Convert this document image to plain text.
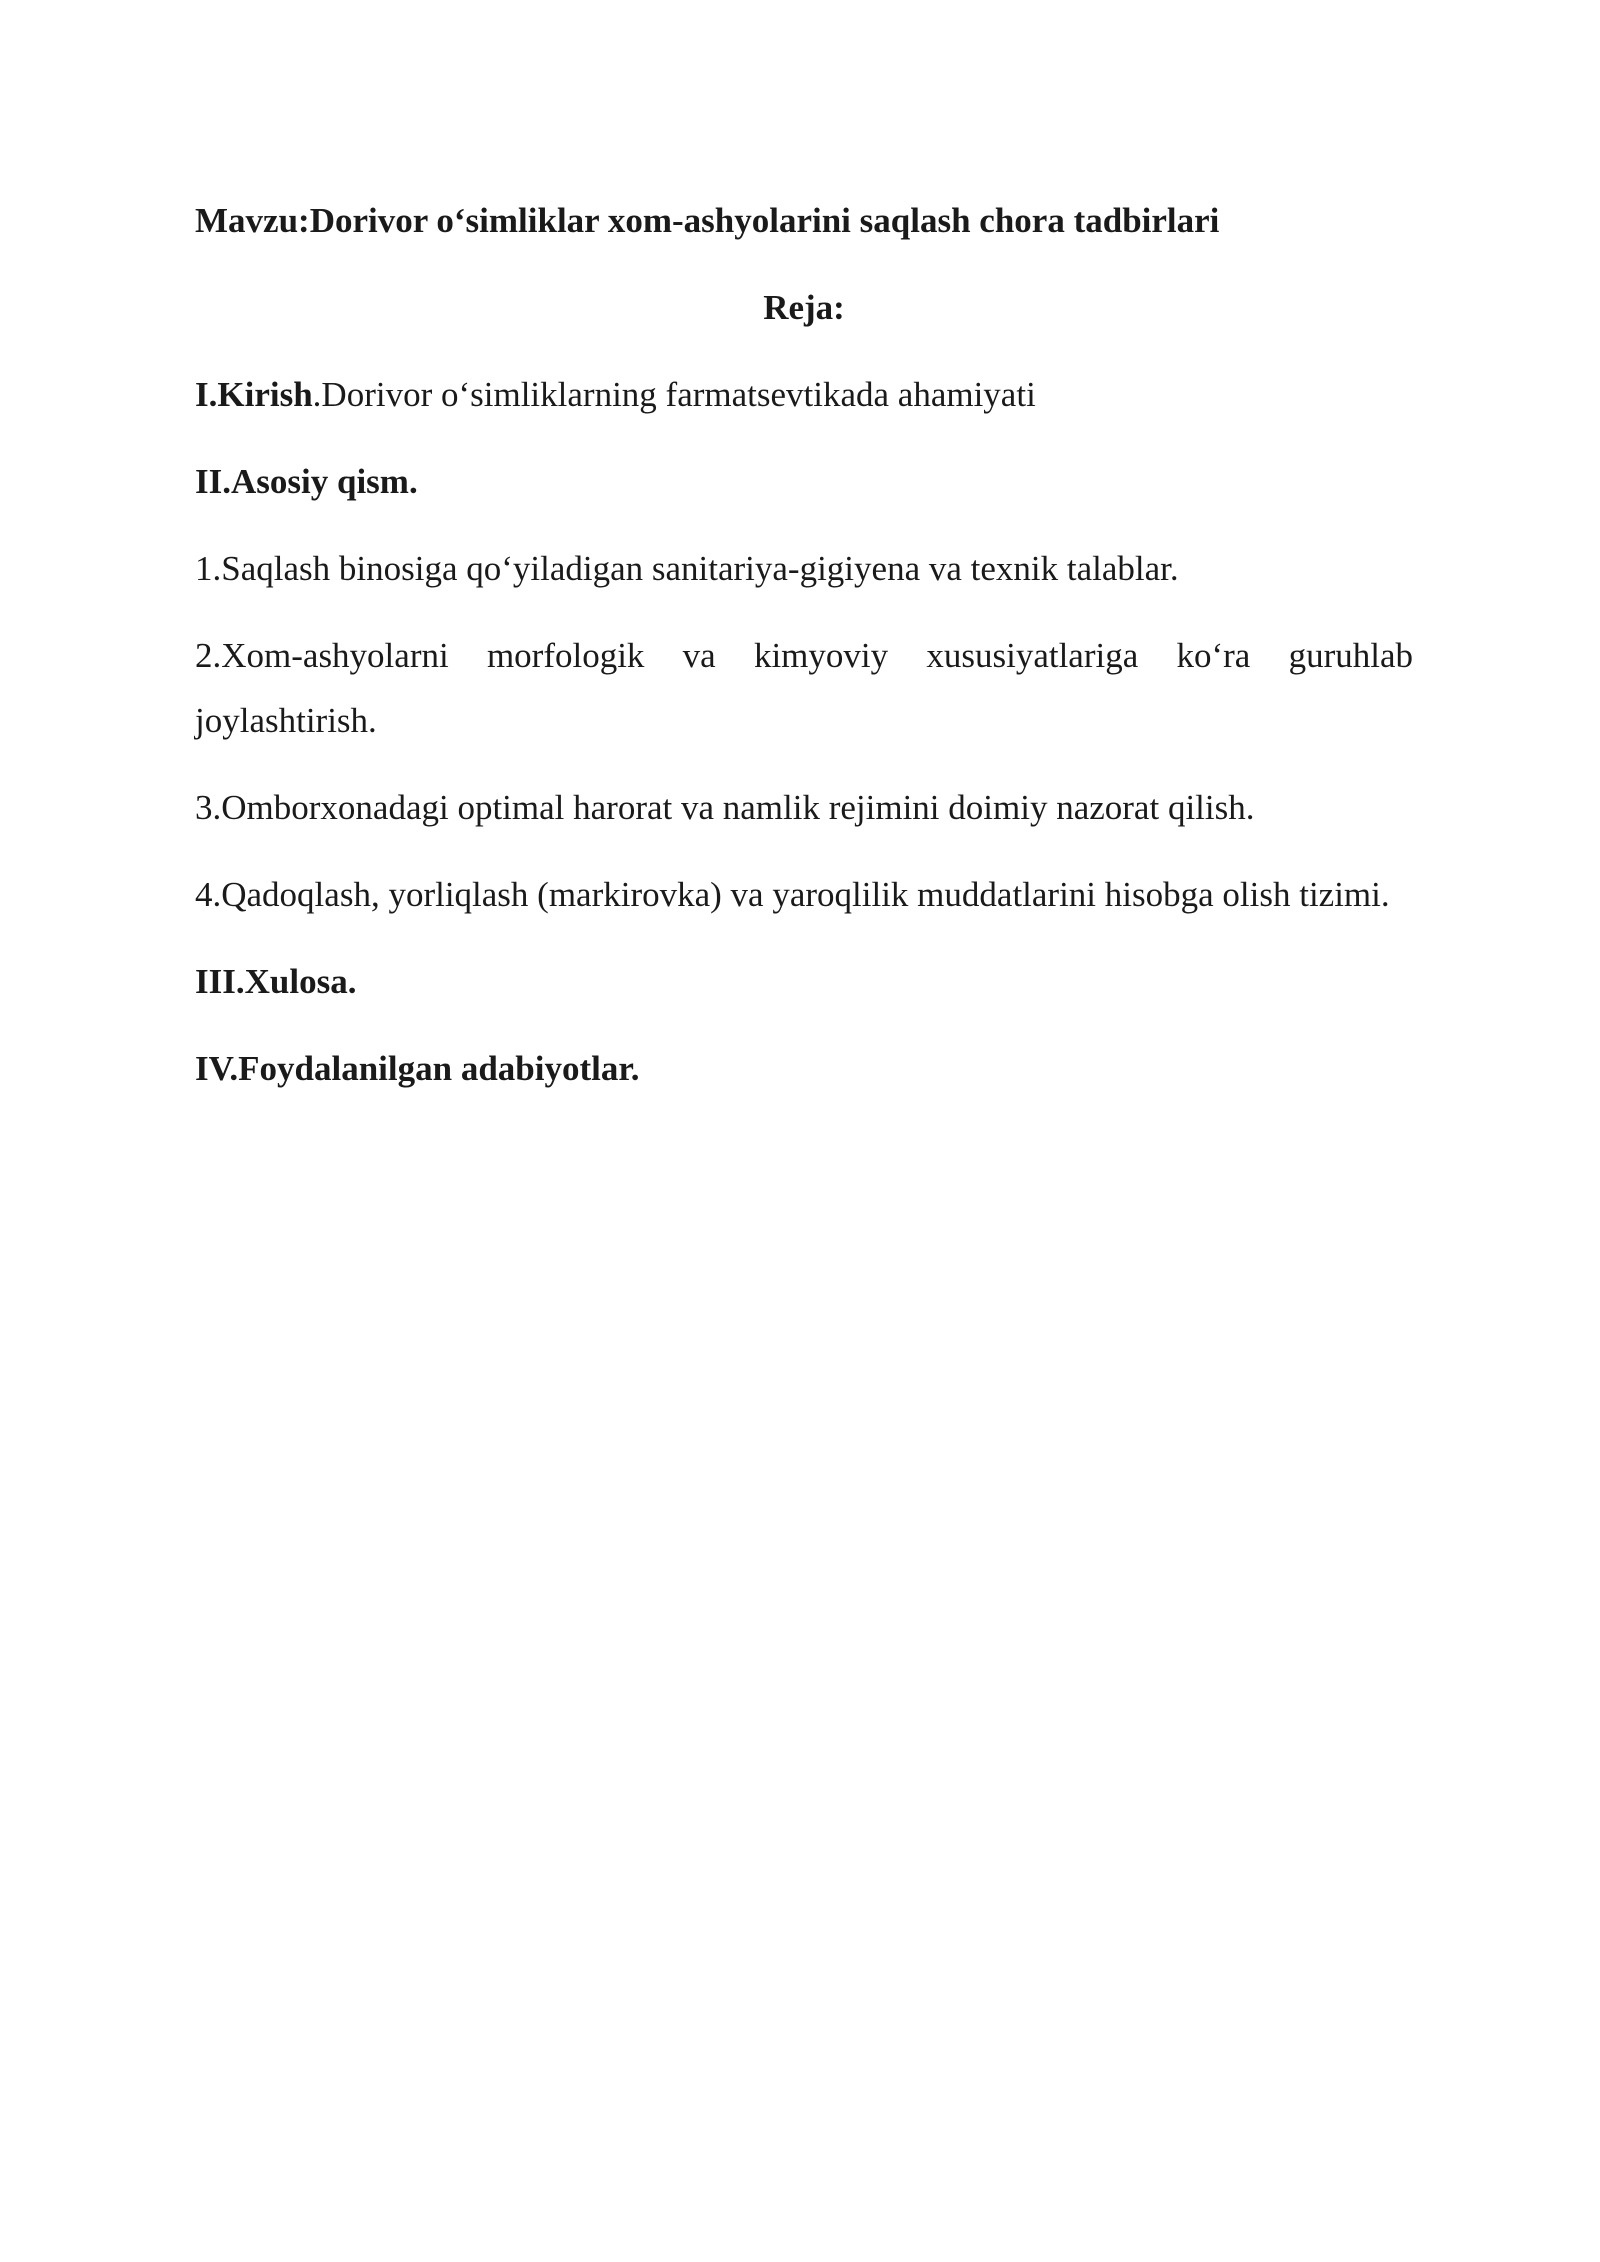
Mavzu:Dorivor o‘simliklar xom-ashyolarini saqlash chora tadbirlari

Reja:

I.Kirish.Dorivor o‘simliklarning farmatsevtikada ahamiyati

II.Asosiy qism.

1.Saqlash binosiga qo‘yiladigan sanitariya-gigiyena va texnik talablar.

2.Xom-ashyolarni morfologik va kimyoviy xususiyatlariga ko‘ra guruhlab joylashtirish.

3.Omborxonadagi optimal harorat va namlik rejimini doimiy nazorat qilish.

4.Qadoqlash, yorliqlash (markirovka) va yaroqlilik muddatlarini hisobga olish tizimi.

III.Xulosa.

IV.Foydalanilgan adabiyotlar.
